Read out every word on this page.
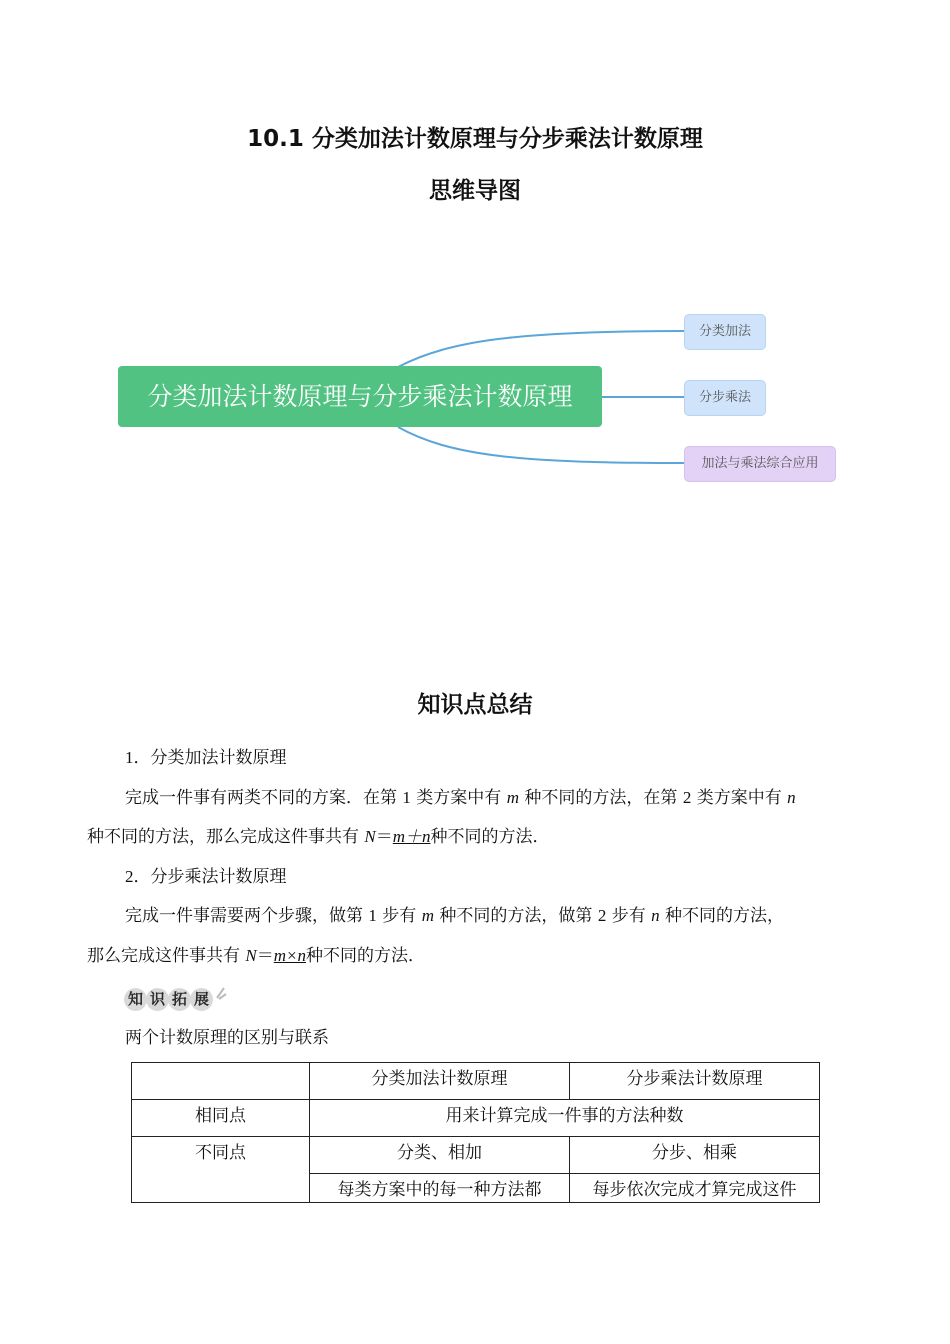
10.1 分类加法计数原理与分步乘法计数原理
思维导图
分类加法计数原理与分步乘法计数原理
分类加法
分步乘法
加法与乘法综合应用
知识点总结
1．分类加法计数原理
完成一件事有两类不同的方案．在第 1 类方案中有 m 种不同的方法，在第 2 类方案中有 n
种不同的方法，那么完成这件事共有 N＝m＋n种不同的方法．
2．分步乘法计数原理
完成一件事需要两个步骤，做第 1 步有 m 种不同的方法，做第 2 步有 n 种不同的方法，
那么完成这件事共有 N＝m×n种不同的方法．
知 识 拓 展
两个计数原理的区别与联系
	分类加法计数原理	分步乘法计数原理
相同点	用来计算完成一件事的方法种数	
不同点	分类、相加	分步、相乘
	每类方案中的每一种方法都	每步依次完成才算完成这件
